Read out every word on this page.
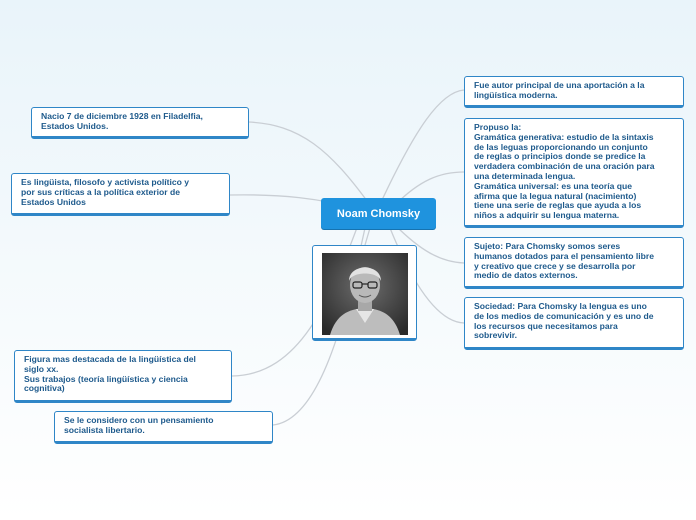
Nacio 7 de diciembre 1928 en Filadelfia,
Estados Unidos.
Es lingüista, filosofo y activista político y
por sus críticas a la política exterior de
Estados Unidos
Figura mas destacada de la lingüística del
siglo xx.
Sus trabajos (teoría lingüística y ciencia
cognitiva)
Se le considero con un pensamiento
socialista libertario.
Noam Chomsky
Fue autor principal de una aportación a la
lingüística moderna.
Propuso la:
Gramática generativa: estudio de la sintaxis
de las leguas proporcionando un conjunto
de reglas o principios donde se predice la
verdadera combinación de una oración para
una determinada lengua.
Gramática universal: es una teoría que
afirma que la legua natural (nacimiento)
tiene una serie de reglas que ayuda a los
niños a adquirir su lengua materna.
Sujeto: Para Chomsky somos seres
humanos dotados para el pensamiento libre
y creativo que crece y se desarrolla por
medio de datos externos.
Sociedad: Para Chomsky la lengua es uno
de los medios de comunicación y es uno de
los recursos que necesitamos para
sobrevivir.
